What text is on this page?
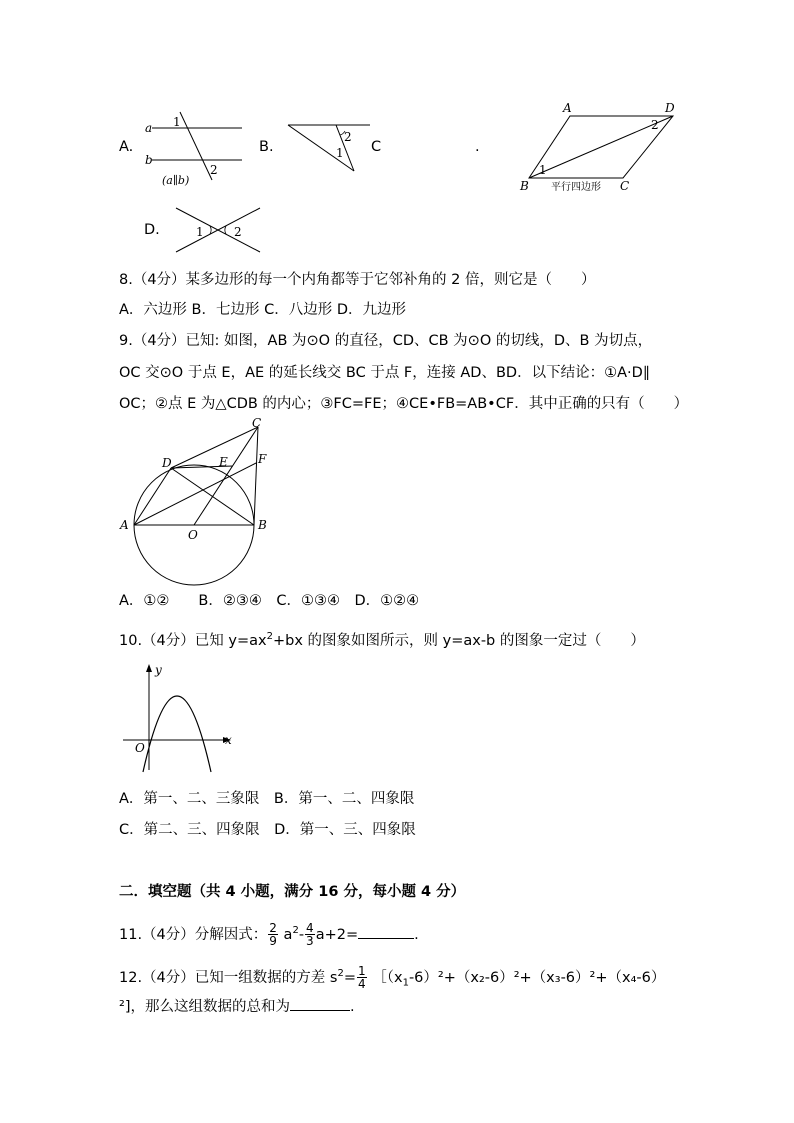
A.
a
b
1
2
(a∥b)
B.
2
1 C	.
A	D
B	C
1
2
平行四边形
D.	1	2
8.（4分）某多边形的每一个内角都等于它邻补角的 2 倍，则它是（　　）
A．六边形 B．七边形 C．八边形 D．九边形
9.（4分）已知: 如图，AB 为⊙O 的直径，CD、CB 为⊙O 的切线，D、B 为切点，
OC 交⊙O 于点 E，AE 的延长线交 BC 于点 F，连接 AD、BD．以下结论：①A·D∥
OC；②点 E 为△CDB 的内心；③FC=FE；④CE•FB=AB•CF．其中正确的只有（　　）
C
D	E	F
A	B
O
A．①②　　B．②③④　C．①③④　D．①②④
10.（4分）已知 $y=ax^2+bx$ 的图象如图所示，则 y=ax-b 的图象一定过（　　）
y
x
O
A．第一、二、三象限　B．第一、二、四象限
C．第二、三、四象限　D．第一、三、四象限
二．填空题（共 4 小题，满分 16 分，每小题 4 分）
11.（4分）分解因式： $\frac{2}{9} a^2- \frac{4}{3} a+2=$	.
12.（4分）已知一组数据的方差 $s^2= \frac{1}{4}$ $[(x_1-6)^2+(x_2-6)^2+(x_3-6)^2+(x_4-6)$
²]，那么这组数据的总和为	.
